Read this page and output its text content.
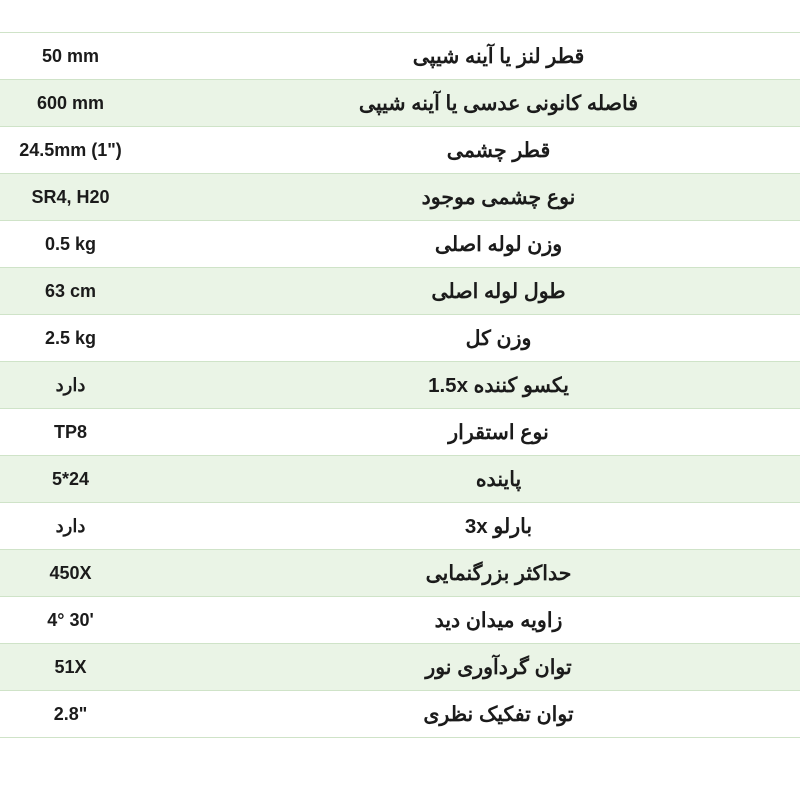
قطر لنز یا آینه شیپی	50 mm
فاصله کانونی عدسی یا آینه شیپی	600 mm
قطر چشمی	24.5mm (1")
نوع چشمی موجود	SR4, H20
وزن لوله اصلی	0.5 kg
طول لوله اصلی	63 cm
وزن کل	2.5 kg
یکسو کننده 1.5x	دارد
نوع استقرار	TP8
پاینده	5*24
بارلو 3x	دارد
حداکثر بزرگنمایی	450X
زاویه میدان دید	4° 30'
توان گردآوری نور	51X
توان تفکیک نظری	2.8"
